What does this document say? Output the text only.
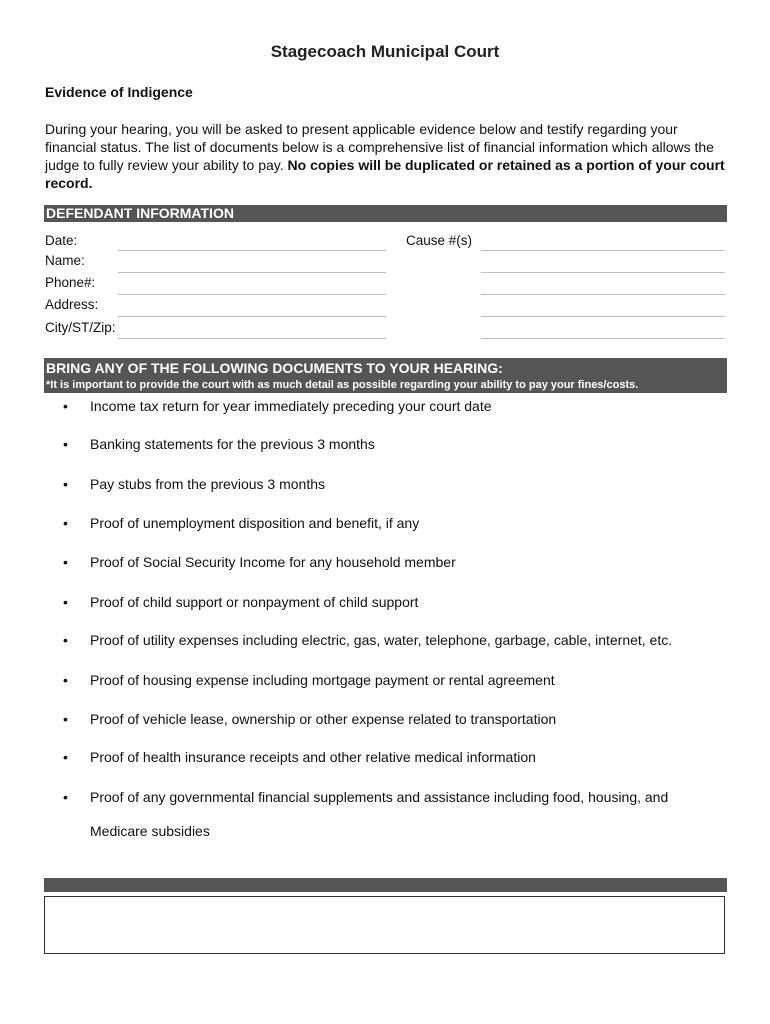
Stagecoach Municipal Court
Evidence of Indigence
During your hearing, you will be asked to present applicable evidence below and testify regarding your financial status. The list of documents below is a comprehensive list of financial information which allows the judge to fully review your ability to pay. No copies will be duplicated or retained as a portion of your court record.
DEFENDANT INFORMATION
Date:
Name:
Phone#:
Address:
City/ST/Zip:
Cause #(s)
BRING ANY OF THE FOLLOWING DOCUMENTS TO YOUR HEARING:
*It is important to provide the court with as much detail as possible regarding your ability to pay your fines/costs.
• Income tax return for year immediately preceding your court date
• Banking statements for the previous 3 months
• Pay stubs from the previous 3 months
• Proof of unemployment disposition and benefit, if any
• Proof of Social Security Income for any household member
• Proof of child support or nonpayment of child support
• Proof of utility expenses including electric, gas, water, telephone, garbage, cable, internet, etc.
• Proof of housing expense including mortgage payment or rental agreement
• Proof of vehicle lease, ownership or other expense related to transportation
• Proof of health insurance receipts and other relative medical information
• Proof of any governmental financial supplements and assistance including food, housing, and
Medicare subsidies
